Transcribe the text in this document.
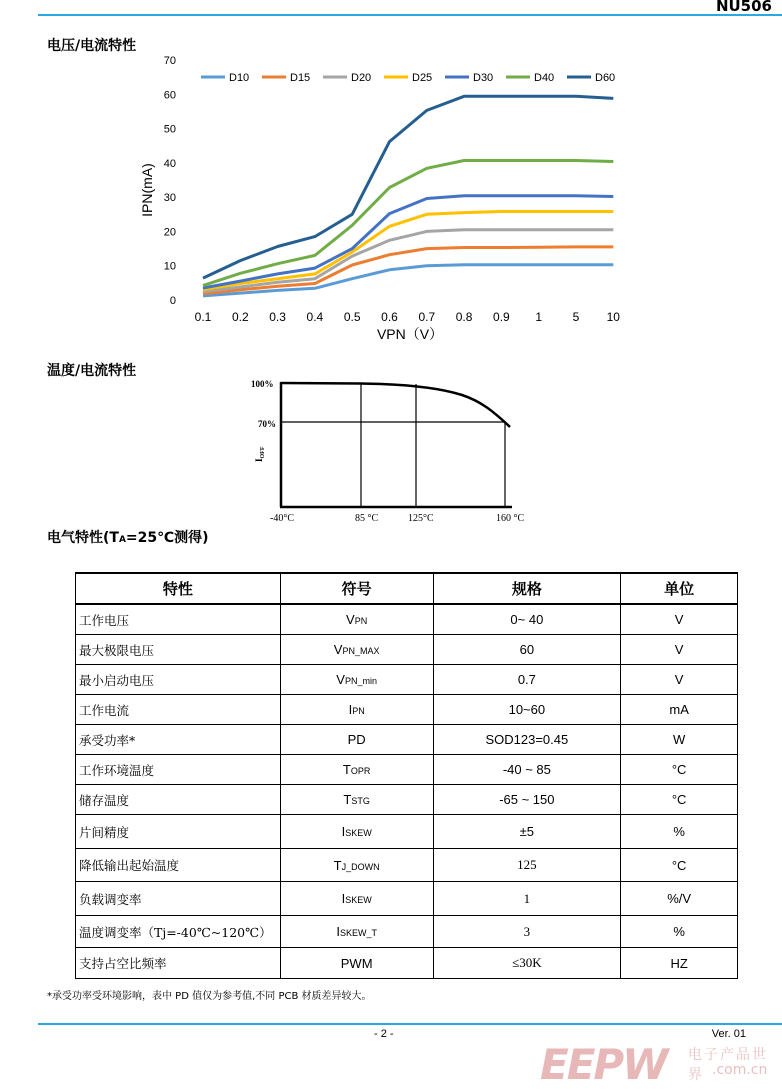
NU506
电压/电流特性
0
10
20
30
40
50
60
70
0.1 0.2 0.3 0.4 0.5 0.6 0.7 0.8 0.9 1	5 10
D10	D15	D20	D25	D30	D40	D60
VPN（V）
IPN(mA)
温度/电流特性
100%
70%
$I_{OFF}$
-40°C	85 °C	125°C	160 °C
电气特性(TA=25℃测得)
特性	符号	规格	单位
工作电压	VPN	0~ 40	V
最大极限电压	VPN_MAX	60	V
最小启动电压	VPN_min	0.7	V
工作电流	IPN	10~60	mA
承受功率*	PD	SOD123=0.45	W
工作环境温度	TOPR	-40 ~ 85	°C
储存温度	TSTG	-65 ~ 150	°C
片间精度	ISKEW	±5	%
降低输出起始温度	TJ_DOWN	125	°C
负载调变率	ISKEW	1	%/V
温度调变率（Tj=-40℃~120℃）	ISKEW_T	3	%
支持占空比频率	PWM	≤30K	HZ
*承受功率受环境影响，表中 PD 值仅为参考值,不同 PCB 材质差异较大。
- 2 -	Ver. 01
EEPW 电子产品世界 .com.cn
